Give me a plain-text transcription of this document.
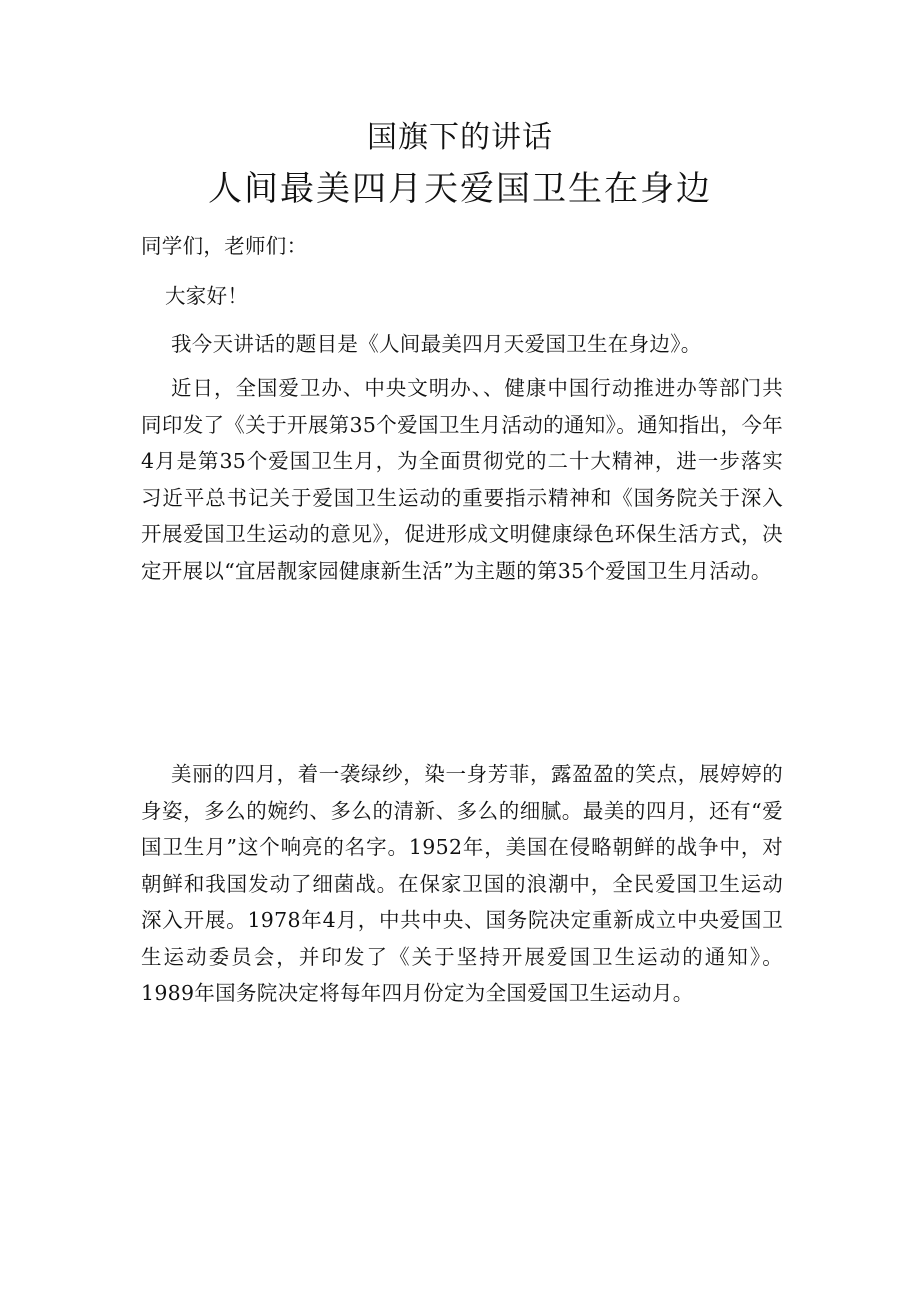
国旗下的讲话
人间最美四月天爱国卫生在身边

同学们，老师们：

大家好！

我今天讲话的题目是《人间最美四月天爱国卫生在身边》。

近日，全国爱卫办、中央文明办、、健康中国行动推进办等部门共同印发了《关于开展第35个爱国卫生月活动的通知》。通知指出，今年4月是第35个爱国卫生月，为全面贯彻党的二十大精神，进一步落实习近平总书记关于爱国卫生运动的重要指示精神和《国务院关于深入开展爱国卫生运动的意见》，促进形成文明健康绿色环保生活方式，决定开展以“宜居靓家园健康新生活”为主题的第35个爱国卫生月活动。

美丽的四月，着一袭绿纱，染一身芳菲，露盈盈的笑点，展婷婷的身姿，多么的婉约、多么的清新、多么的细腻。最美的四月，还有“爱国卫生月”这个响亮的名字。1952年，美国在侵略朝鲜的战争中，对朝鲜和我国发动了细菌战。在保家卫国的浪潮中，全民爱国卫生运动深入开展。1978年4月，中共中央、国务院决定重新成立中央爱国卫生运动委员会，并印发了《关于坚持开展爱国卫生运动的通知》。1989年国务院决定将每年四月份定为全国爱国卫生运动月。
